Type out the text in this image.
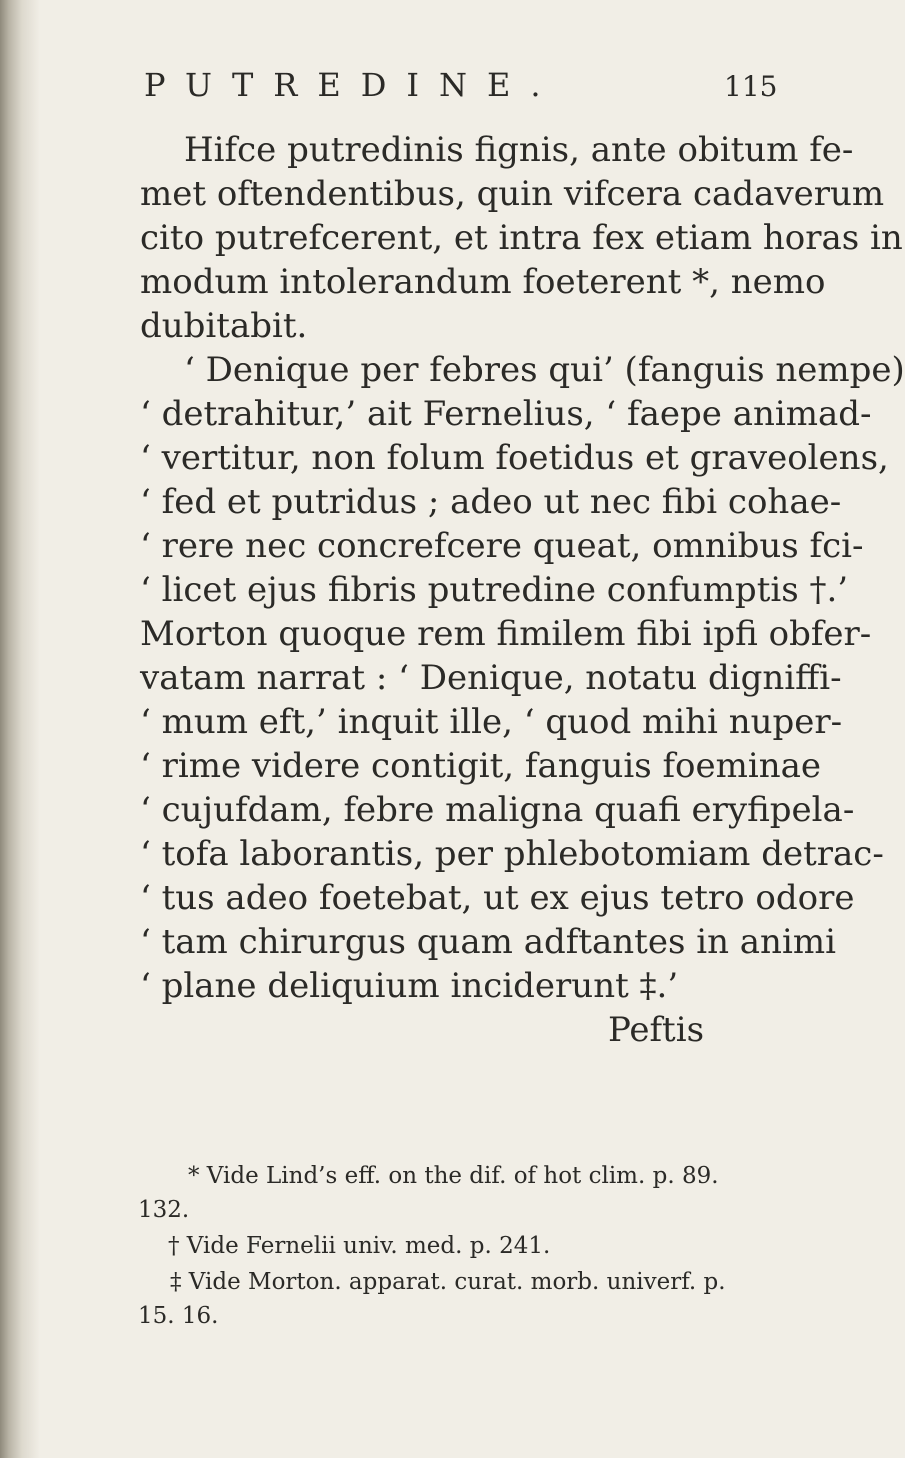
PUTREDINE.	115
Hifce putredinis fignis, ante obitum fe-
met oftendentibus, quin vifcera cadaverum
cito putrefcerent, et intra fex etiam horas in
modum intolerandum foeterent *, nemo
dubitabit.
‘ Denique per febres qui’ (fanguis nempe)
‘ detrahitur,’ ait Fernelius, ‘ faepe animad-
‘ vertitur, non folum foetidus et graveolens,
‘ fed et putridus ; adeo ut nec fibi cohae-
‘ rere nec concrefcere queat, omnibus fci-
‘ licet ejus fibris putredine confumptis †.’
Morton quoque rem fimilem fibi ipfi obfer-
vatam narrat : ‘ Denique, notatu digniffi-
‘ mum eft,’ inquit ille, ‘ quod mihi nuper-
‘ rime videre contigit, fanguis foeminae
‘ cujufdam, febre maligna quafi eryfipela-
‘ tofa laborantis, per phlebotomiam detrac-
‘ tus adeo foetebat, ut ex ejus tetro odore
‘ tam chirurgus quam adftantes in animi
‘ plane deliquium inciderunt ‡.’
Peftis
* Vide Lind’s eff. on the dif. of hot clim. p. 89.
132.
† Vide Fernelii univ. med. p. 241.
‡ Vide Morton. apparat. curat. morb. univerf. p.
15. 16.
